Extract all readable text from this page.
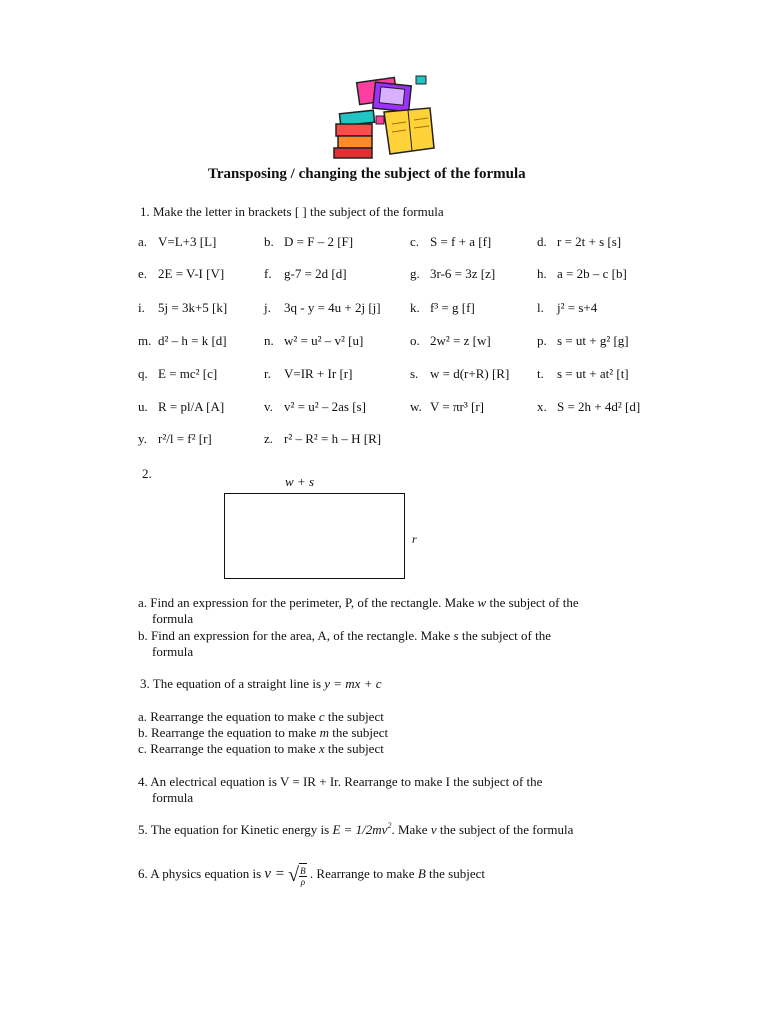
Transposing / changing the subject of the formula
1. Make the letter in brackets [ ] the subject of the formula
a. V=L+3 [L]	b. D = F – 2 [F]	c. S = f + a [f]	d. r = 2t + s [s]
e. 2E = V-I [V]	f. g-7 = 2d [d]	g. 3r-6 = 3z [z]	h. a = 2b – c [b]
i. 5j = 3k+5 [k]	j. 3q - y = 4u + 2j [j] k. f³ = g [f]	l. j² = s+4
m. d² – h = k [d]	n. w² = u² – v² [u]	o. 2w² = z [w]	p. s = ut + g² [g]
q. E = mc² [c]	r. V=IR + Ir [r]	s. w = d(r+R) [R] t. s = ut + at² [t]
u. R = pl/A [A]	v. v² = u² – 2as [s]	w. V = πr³ [r]	x. S = 2h + 4d² [d]
y. r²/l = f² [r]	z. r² – R² = h – H [R]
2.
w + s
r
a. Find an expression for the perimeter, P, of the rectangle. Make w the subject of the
formula
b. Find an expression for the area, A, of the rectangle. Make s the subject of the
formula
3. The equation of a straight line is y = mx + c
a. Rearrange the equation to make c the subject
b. Rearrange the equation to make m the subject
c. Rearrange the equation to make x the subject
4. An electrical equation is V = IR + Ir. Rearrange to make I the subject of the
formula
5. The equation for Kinetic energy is $E = 1/2mv^2$. Make v the subject of the formula
6. A physics equation is v = √ $\frac{B}{\rho}$ . Rearrange to make B the subject
